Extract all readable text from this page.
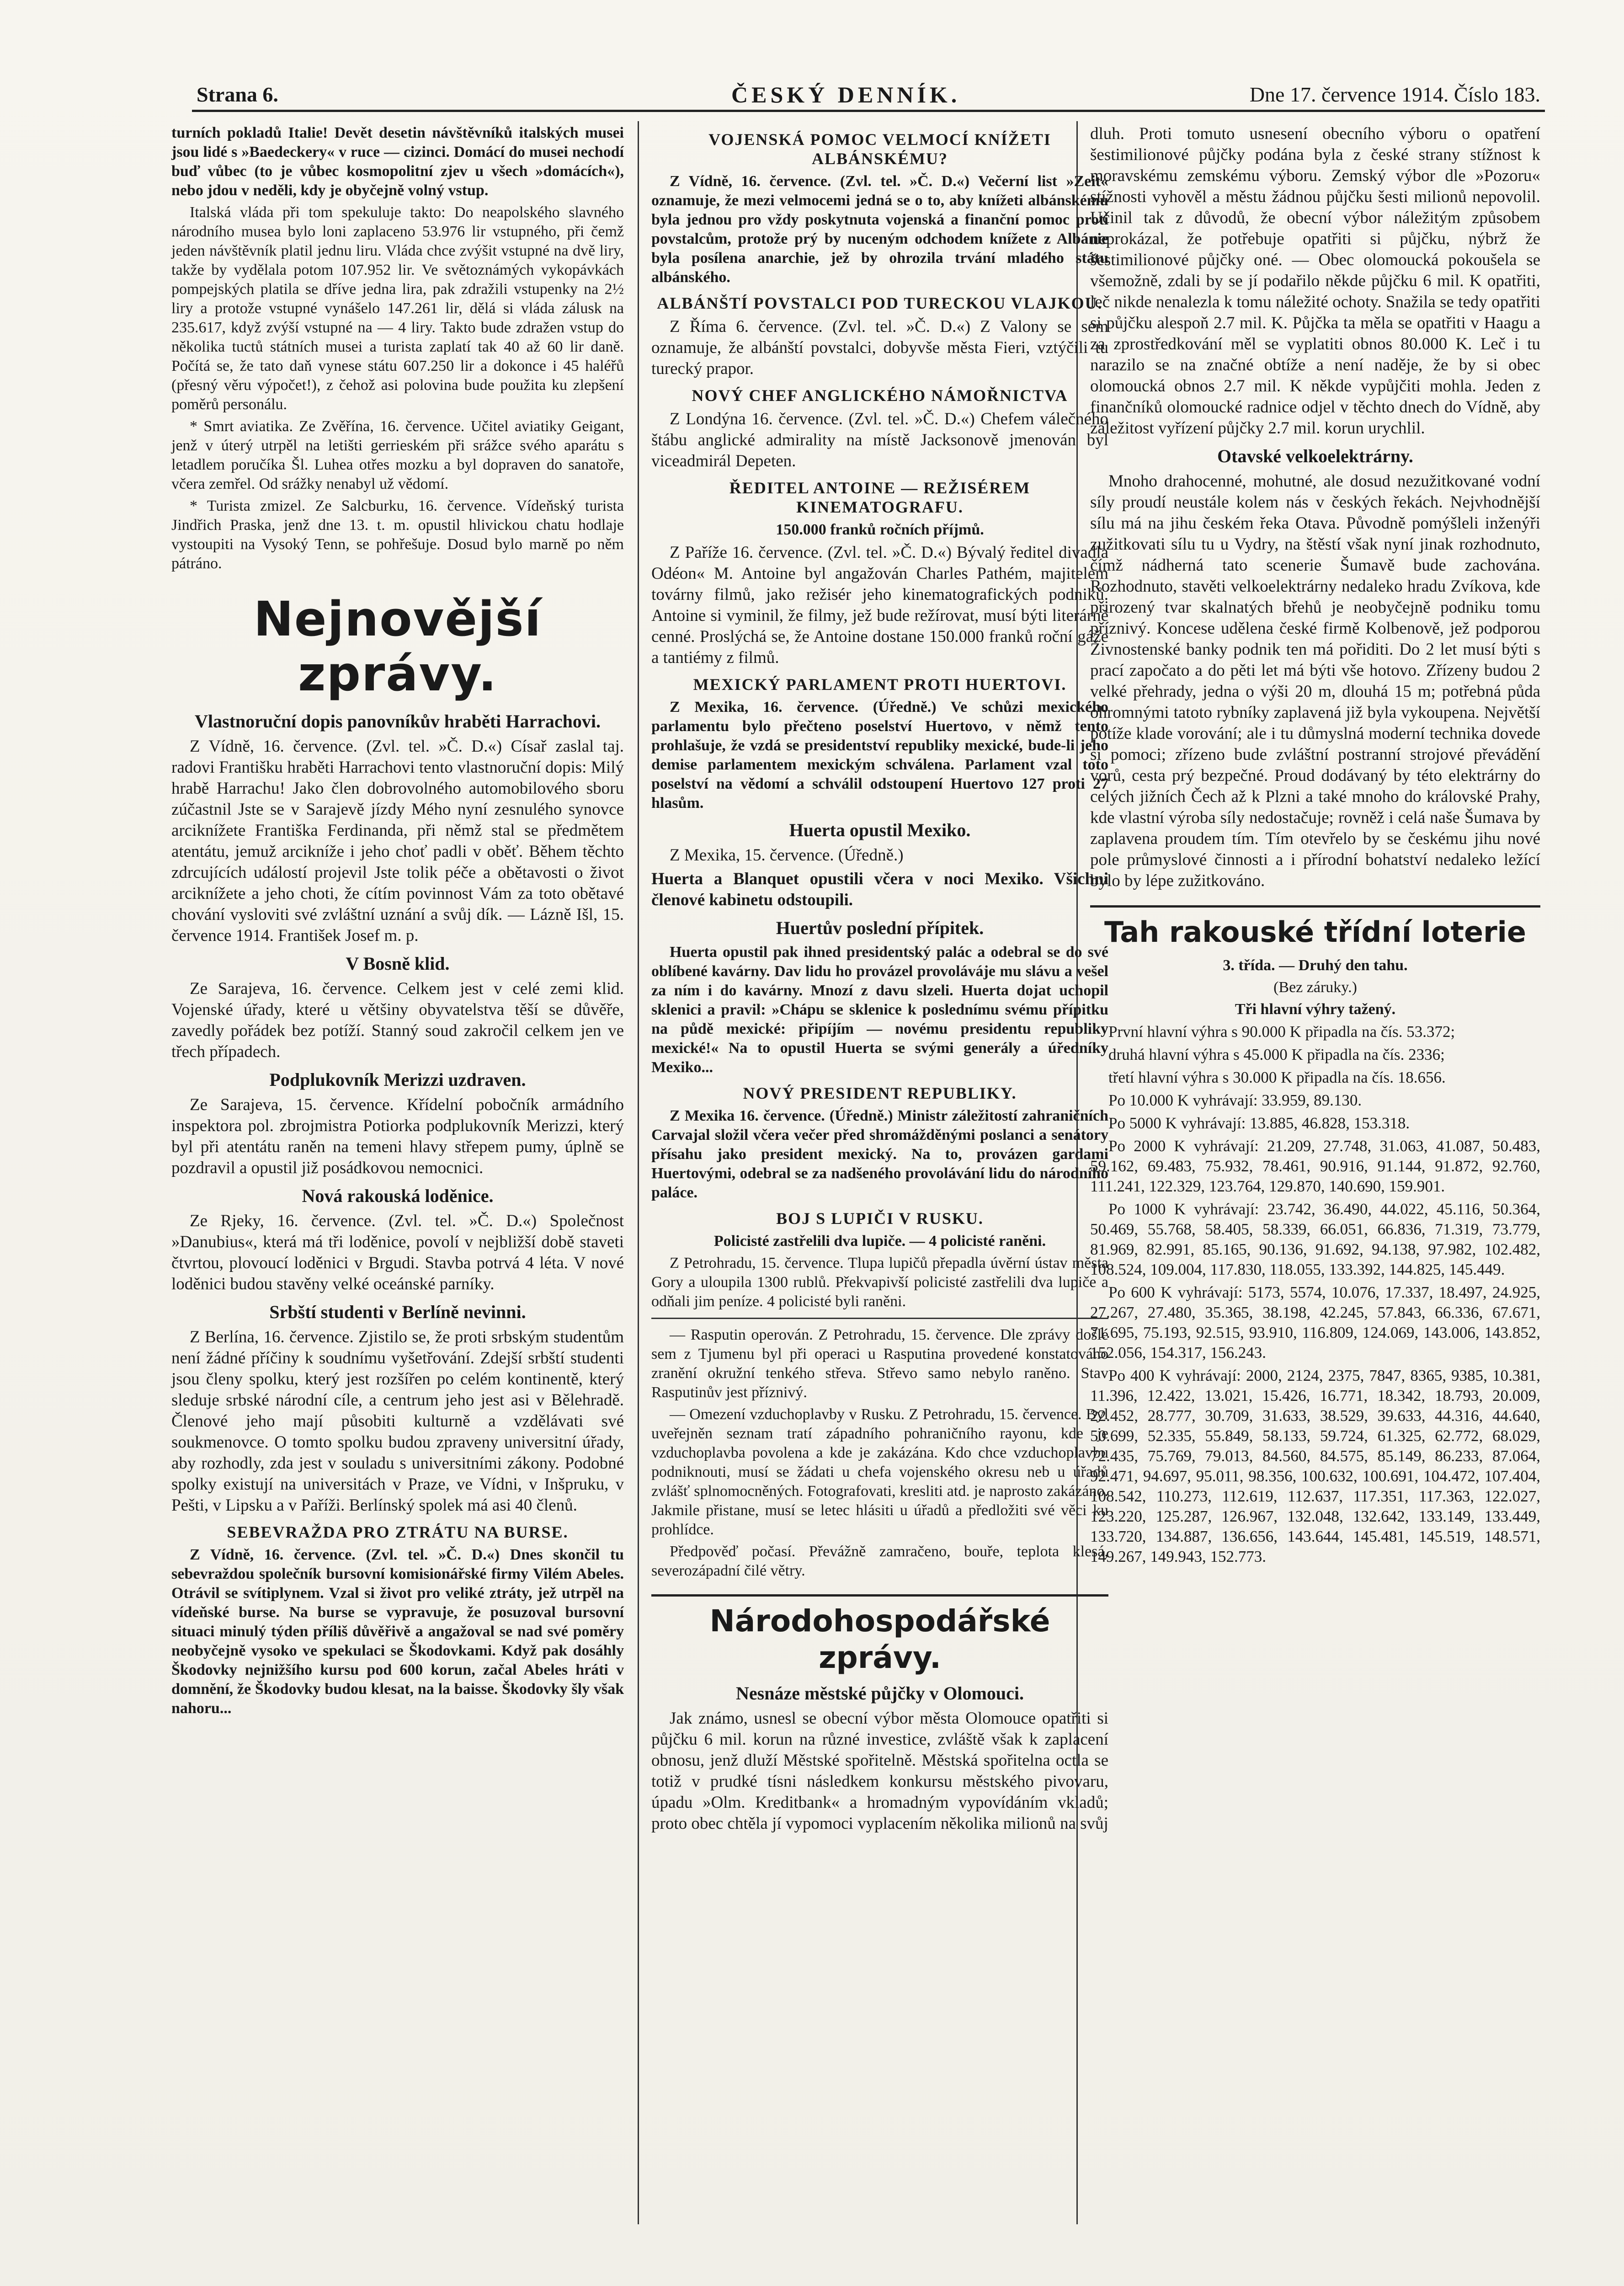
Strana 6.	ČESKÝ DENNÍK.	Dne 17. července 1914. Číslo 183.

turních pokladů Italie! Devět desetin návštěvníků italských musei jsou lidé s »Baedeckery« v ruce — cizinci. Domácí do musei nechodí buď vůbec (to je vůbec kosmopolitní zjev u všech »domácích«), nebo jdou v neděli, kdy je obyčejně volný vstup.

Italská vláda při tom spekuluje takto: Do neapolského slavného národního musea bylo loni zaplaceno 53.976 lir vstupného, při čemž jeden návštěvník platil jednu liru. Vláda chce zvýšit vstupné na dvě liry, takže by vydělala potom 107.952 lir. Ve světoznámých vykopávkách pompejských platila se dříve jedna lira, pak zdražili vstupenky na 2½ liry a protože vstupné vynášelo 147.261 lir, dělá si vláda zálusk na 235.617, když zvýší vstupné na — 4 liry. Takto bude zdražen vstup do několika tuctů státních musei a turista zaplatí tak 40 až 60 lir daně. Počítá se, že tato daň vynese státu 607.250 lir a dokonce i 45 haléřů (přesný věru výpočet!), z čehož asi polovina bude použita ku zlepšení poměrů personálu.

* Smrt aviatika. Ze Zvěřína, 16. července. Učitel aviatiky Geigant, jenž v úterý utrpěl na letišti gerrieském při srážce svého aparátu s letadlem poručíka Šl. Luhea otřes mozku a byl dopraven do sanatoře, včera zemřel. Od srážky nenabyl už vědomí.

* Turista zmizel. Ze Salcburku, 16. července. Vídeňský turista Jindřich Praska, jenž dne 13. t. m. opustil hlivickou chatu hodlaje vystoupiti na Vysoký Tenn, se pohřešuje. Dosud bylo marně po něm pátráno.

Nejnovější zprávy.
Vlastnoruční dopis panovníkův hraběti Harrachovi.

Z Vídně, 16. července. (Zvl. tel. »Č. D.«) Císař zaslal taj. radovi Františku hraběti Harrachovi tento vlastnoruční dopis: Milý hrabě Harrachu! Jako člen dobrovolného automobilového sboru zúčastnil Jste se v Sarajevě jízdy Mého nyní zesnulého synovce arciknížete Františka Ferdinanda, při němž stal se předmětem atentátu, jemuž arcikníže i jeho choť padli v oběť. Během těchto zdrcujících událostí projevil Jste tolik péče a obětavosti o život arciknížete a jeho choti, že cítím povinnost Vám za toto obětavé chování vysloviti své zvláštní uznání a svůj dík. — Lázně Išl, 15. července 1914. František Josef m. p.

V Bosně klid.

Ze Sarajeva, 16. července. Celkem jest v celé zemi klid. Vojenské úřady, které u většiny obyvatelstva těší se důvěře, zavedly pořádek bez potíží. Stanný soud zakročil celkem jen ve třech případech.

Podplukovník Merizzi uzdraven.

Ze Sarajeva, 15. července. Křídelní pobočník armádního inspektora pol. zbrojmistra Potiorka podplukovník Merizzi, který byl při atentátu raněn na temeni hlavy střepem pumy, úplně se pozdravil a opustil již posádkovou nemocnici.

Nová rakouská loděnice.

Ze Rjeky, 16. července. (Zvl. tel. »Č. D.«) Společnost »Danubius«, která má tři loděnice, povolí v nejbližší době staveti čtvrtou, plovoucí loděnici v Brgudi. Stavba potrvá 4 léta. V nové loděnici budou stavěny velké oceánské parníky.

Srbští studenti v Berlíně nevinni.

Z Berlína, 16. července. Zjistilo se, že proti srbským studentům není žádné příčiny k soudnímu vyšetřování. Zdejší srbští studenti jsou členy spolku, který jest rozšířen po celém kontinentě, který sleduje srbské národní cíle, a centrum jeho jest asi v Bělehradě. Členové jeho mají působiti kulturně a vzdělávati své soukmenovce. O tomto spolku budou zpraveny universitní úřady, aby rozhodly, zda jest v souladu s universitními zákony. Podobné spolky existují na universitách v Praze, ve Vídni, v Inšpruku, v Pešti, v Lipsku a v Paříži. Berlínský spolek má asi 40 členů.

SEBEVRAŽDA PRO ZTRÁTU NA BURSE.

Z Vídně, 16. července. (Zvl. tel. »Č. D.«) Dnes skončil tu sebevraždou společník bursovní komisionářské firmy Vilém Abeles. Otrávil se svítiplynem. Vzal si život pro veliké ztráty, jež utrpěl na vídeňské burse. Na burse se vypravuje, že posuzoval bursovní situaci minulý týden příliš důvěřivě a angažoval se nad své poměry neobyčejně vysoko ve spekulaci se Škodovkami. Když pak dosáhly Škodovky nejnižšího kursu pod 600 korun, začal Abeles hráti v domnění, že Škodovky budou klesat, na la baisse. Škodovky šly však nahoru...

VOJENSKÁ POMOC VELMOCÍ KNÍŽETI ALBÁNSKÉMU?

Z Vídně, 16. července. (Zvl. tel. »Č. D.«) Večerní list »Zeit« oznamuje, že mezi velmocemi jedná se o to, aby knížeti albánskému byla jednou pro vždy poskytnuta vojenská a finanční pomoc proti povstalcům, protože prý by nuceným odchodem knížete z Albánie byla posílena anarchie, jež by ohrozila trvání mladého státu albánského.

ALBÁNŠTÍ POVSTALCI POD TURECKOU VLAJKOU.

Z Říma 6. července. (Zvl. tel. »Č. D.«) Z Valony se sem oznamuje, že albánští povstalci, dobyvše města Fieri, vztýčili tu turecký prapor.

NOVÝ CHEF ANGLICKÉHO NÁMOŘNICTVA

Z Londýna 16. července. (Zvl. tel. »Č. D.«) Chefem válečného štábu anglické admirality na místě Jacksonově jmenován byl viceadmirál Depeten.

ŘEDITEL ANTOINE — REŽISÉREM KINEMATOGRAFU.

150.000 franků ročních příjmů.

Z Paříže 16. července. (Zvl. tel. »Č. D.«) Bývalý ředitel divadla Odéon« M. Antoine byl angažován Charles Pathém, majitelem továrny filmů, jako režisér jeho kinematografických podniků. Antoine si vyminil, že filmy, jež bude režírovat, musí býti literárně cenné. Proslýchá se, že Antoine dostane 150.000 franků roční gáže a tantiémy z filmů.

MEXICKÝ PARLAMENT PROTI HUERTOVI.

Z Mexika, 16. července. (Úředně.) Ve schůzi mexického parlamentu bylo přečteno poselství Huertovo, v němž tento prohlašuje, že vzdá se presidentství republiky mexické, bude-li jeho demise parlamentem mexickým schválena. Parlament vzal toto poselství na vědomí a schválil odstoupení Huertovo 127 proti 27 hlasům.

Huerta opustil Mexiko.

Z Mexika, 15. července. (Úředně.)

Huerta a Blanquet opustili včera v noci Mexiko. Všichni členové kabinetu odstoupili.

Huertův poslední přípitek.

Huerta opustil pak ihned presidentský palác a odebral se do své oblíbené kavárny. Dav lidu ho provázel provoláváje mu slávu a vešel za ním i do kavárny. Mnozí z davu slzeli. Huerta dojat uchopil sklenici a pravil: »Chápu se sklenice k poslednímu svému přípitku na půdě mexické: připíjím — novému presidentu republiky mexické!« Na to opustil Huerta se svými generály a úředníky Mexiko...

NOVÝ PRESIDENT REPUBLIKY.

Z Mexika 16. července. (Úředně.) Ministr záležitostí zahraničních Carvajal složil včera večer před shromážděnými poslanci a senátory přísahu jako president mexický. Na to, provázen gardami Huertovými, odebral se za nadšeného provolávání lidu do národního paláce.

BOJ S LUPIČI V RUSKU.

Policisté zastřelili dva lupiče. — 4 policisté raněni.

Z Petrohradu, 15. července. Tlupa lupičů přepadla úvěrní ústav města Gory a uloupila 1300 rublů. Překvapivší policisté zastřelili dva lupiče a odňali jim peníze. 4 policisté byli raněni.

— Rasputin operován. Z Petrohradu, 15. července. Dle zprávy došlé sem z Tjumenu byl při operaci u Rasputina provedené konstatováno zranění okružní tenkého střeva. Střevo samo nebylo raněno. Stav Rasputinův jest příznivý.

— Omezení vzduchoplavby v Rusku. Z Petrohradu, 15. července. Byl uveřejněn seznam tratí západního pohraničního rayonu, kde je vzduchoplavba povolena a kde je zakázána. Kdo chce vzduchoplavbu podniknouti, musí se žádati u chefa vojenského okresu neb u úřadů zvlášť splnomocněných. Fotografovati, kresliti atd. je naprosto zakázáno. Jakmile přistane, musí se letec hlásiti u úřadů a předložiti své věci ku prohlídce.

Předpověď počasí. Převážně zamračeno, bouře, teplota klesá, severozápadní čilé větry.

Národohospodářské zprávy.
Nesnáze městské půjčky v Olomouci.

Jak známo, usnesl se obecní výbor města Olomouce opatřiti si půjčku 6 mil. korun na různé investice, zvláště však k zaplacení obnosu, jenž dluží Městské spořitelně. Městská spořitelna octla se totiž v prudké tísni následkem konkursu městského pivovaru, úpadu »Olm. Kreditbank« a hromadným vypovídáním vkladů; proto obec chtěla jí vypomoci vyplacením několika milionů na svůj

dluh. Proti tomuto usnesení obecního výboru o opatření šestimilionové půjčky podána byla z české strany stížnost k moravskému zemskému výboru. Zemský výbor dle »Pozoru« stížnosti vyhověl a městu žádnou půjčku šesti milionů nepovolil. Učinil tak z důvodů, že obecní výbor náležitým způsobem neprokázal, že potřebuje opatřiti si půjčku, nýbrž že šestimilionové půjčky oné. — Obec olomoucká pokoušela se všemožně, zdali by se jí podařilo někde půjčku 6 mil. K opatřiti, leč nikde nenalezla k tomu náležité ochoty. Snažila se tedy opatřiti si půjčku alespoň 2.7 mil. K. Půjčka ta měla se opatřiti v Haagu a za zprostředkování měl se vyplatiti obnos 80.000 K. Leč i tu narazilo se na značné obtíže a není naděje, že by si obec olomoucká obnos 2.7 mil. K někde vypůjčiti mohla. Jeden z finančníků olomoucké radnice odjel v těchto dnech do Vídně, aby záležitost vyřízení půjčky 2.7 mil. korun urychlil.

Otavské velkoelektrárny.

Mnoho drahocenné, mohutné, ale dosud nezužitkované vodní síly proudí neustále kolem nás v českých řekách. Nejvhodnější sílu má na jihu českém řeka Otava. Původně pomýšleli inženýři zužitkovati sílu tu u Vydry, na štěstí však nyní jinak rozhodnuto, čímž nádherná tato scenerie Šumavě bude zachována. Rozhodnuto, stavěti velkoelektrárny nedaleko hradu Zvíkova, kde přirozený tvar skalnatých břehů je neobyčejně podniku tomu příznivý. Koncese udělena české firmě Kolbenově, jež podporou Živnostenské banky podnik ten má pořiditi. Do 2 let musí býti s prací započato a do pěti let má býti vše hotovo. Zřízeny budou 2 velké přehrady, jedna o výši 20 m, dlouhá 15 m; potřebná půda ohromnými tatoto rybníky zaplavená již byla vykoupena. Největší potíže klade vorování; ale i tu důmyslná moderní technika dovede si pomoci; zřízeno bude zvláštní postranní strojové převádění vorů, cesta prý bezpečné. Proud dodávaný by této elektrárny do celých jižních Čech až k Plzni a také mnoho do královské Prahy, kde vlastní výroba síly nedostačuje; rovněž i celá naše Šumava by zaplavena proudem tím. Tím otevřelo by se českému jihu nové pole průmyslové činnosti a i přírodní bohatství nedaleko ležící bylo by lépe zužitkováno.

Tah rakouské třídní loterie

3. třída. — Druhý den tahu.

(Bez záruky.)

Tři hlavní výhry tažený.

První hlavní výhra s 90.000 K připadla na čís. 53.372;

druhá hlavní výhra s 45.000 K připadla na čís. 2336;

třetí hlavní výhra s 30.000 K připadla na čís. 18.656.

Po 10.000 K vyhrávají: 33.959, 89.130.

Po 5000 K vyhrávají: 13.885, 46.828, 153.318.

Po 2000 K vyhrávají: 21.209, 27.748, 31.063, 41.087, 50.483, 59.162, 69.483, 75.932, 78.461, 90.916, 91.144, 91.872, 92.760, 111.241, 122.329, 123.764, 129.870, 140.690, 159.901.

Po 1000 K vyhrávají: 23.742, 36.490, 44.022, 45.116, 50.364, 50.469, 55.768, 58.405, 58.339, 66.051, 66.836, 71.319, 73.779, 81.969, 82.991, 85.165, 90.136, 91.692, 94.138, 97.982, 102.482, 108.524, 109.004, 117.830, 118.055, 133.392, 144.825, 145.449.

Po 600 K vyhrávají: 5173, 5574, 10.076, 17.337, 18.497, 24.925, 27.267, 27.480, 35.365, 38.198, 42.245, 57.843, 66.336, 67.671, 71.695, 75.193, 92.515, 93.910, 116.809, 124.069, 143.006, 143.852, 152.056, 154.317, 156.243.

Po 400 K vyhrávají: 2000, 2124, 2375, 7847, 8365, 9385, 10.381, 11.396, 12.422, 13.021, 15.426, 16.771, 18.342, 18.793, 20.009, 22.452, 28.777, 30.709, 31.633, 38.529, 39.633, 44.316, 44.640, 50.699, 52.335, 55.849, 58.133, 59.724, 61.325, 62.772, 68.029, 72.435, 75.769, 79.013, 84.560, 84.575, 85.149, 86.233, 87.064, 92.471, 94.697, 95.011, 98.356, 100.632, 100.691, 104.472, 107.404, 108.542, 110.273, 112.619, 112.637, 117.351, 117.363, 122.027, 123.220, 125.287, 126.967, 132.048, 132.642, 133.149, 133.449, 133.720, 134.887, 136.656, 143.644, 145.481, 145.519, 148.571, 149.267, 149.943, 152.773.
